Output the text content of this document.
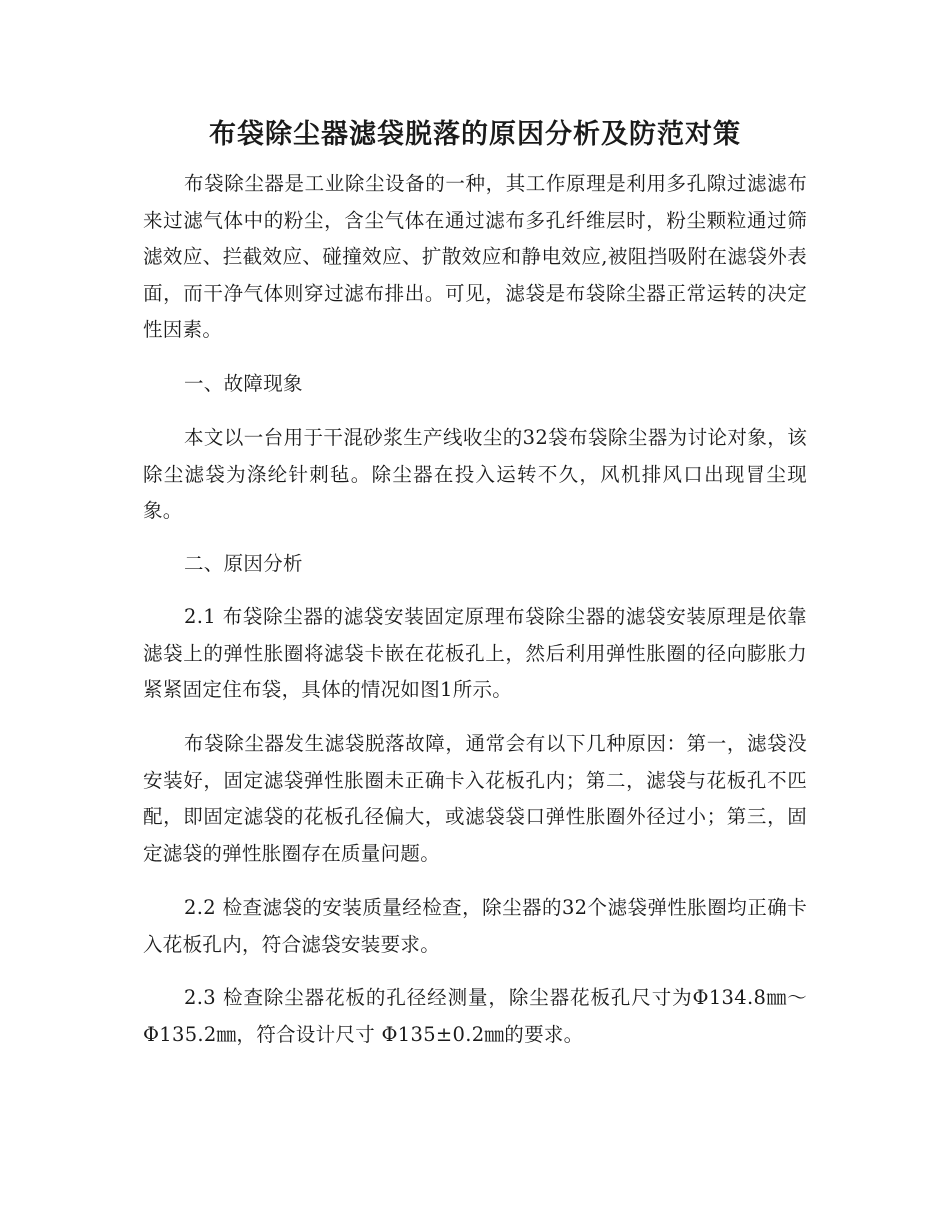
布袋除尘器滤袋脱落的原因分析及防范对策

布袋除尘器是工业除尘设备的一种，其工作原理是利用多孔隙过滤滤布来过滤气体中的粉尘，含尘气体在通过滤布多孔纤维层时，粉尘颗粒通过筛滤效应、拦截效应、碰撞效应、扩散效应和静电效应,被阻挡吸附在滤袋外表面，而干净气体则穿过滤布排出。可见，滤袋是布袋除尘器正常运转的决定性因素。

一、故障现象

本文以一台用于干混砂浆生产线收尘的32袋布袋除尘器为讨论对象，该除尘滤袋为涤纶针刺毡。除尘器在投入运转不久，风机排风口出现冒尘现象。

二、原因分析

2.1 布袋除尘器的滤袋安装固定原理布袋除尘器的滤袋安装原理是依靠滤袋上的弹性胀圈将滤袋卡嵌在花板孔上，然后利用弹性胀圈的径向膨胀力紧紧固定住布袋，具体的情况如图1所示。

布袋除尘器发生滤袋脱落故障，通常会有以下几种原因：第一，滤袋没安装好，固定滤袋弹性胀圈未正确卡入花板孔内；第二，滤袋与花板孔不匹配，即固定滤袋的花板孔径偏大，或滤袋袋口弹性胀圈外径过小；第三，固定滤袋的弹性胀圈存在质量问题。

2.2 检查滤袋的安装质量经检查，除尘器的32个滤袋弹性胀圈均正确卡入花板孔内，符合滤袋安装要求。

2.3 检查除尘器花板的孔径经测量，除尘器花板孔尺寸为Φ134.8㎜～Φ135.2㎜，符合设计尺寸 Φ135±0.2㎜的要求。
